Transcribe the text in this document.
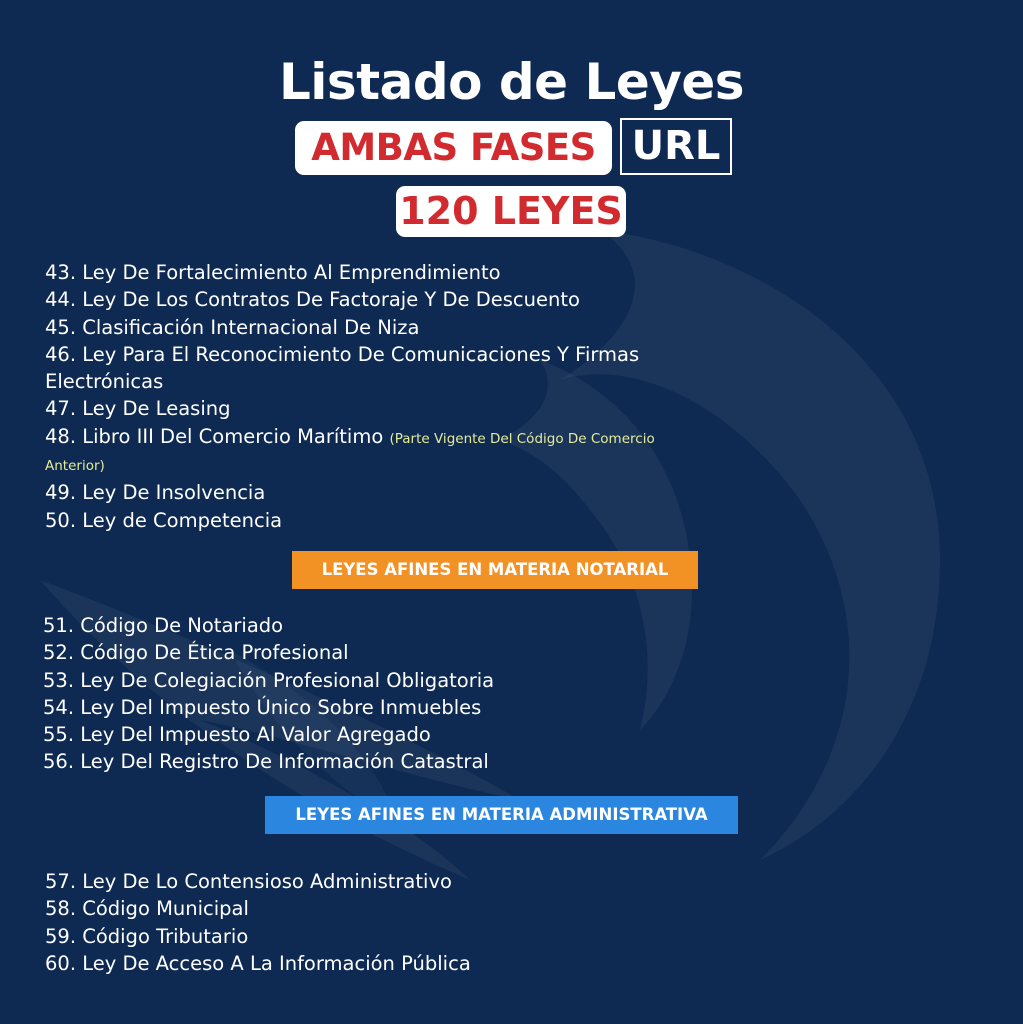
Listado de Leyes
AMBAS FASES URL
120 LEYES
43. Ley De Fortalecimiento Al Emprendimiento
44. Ley De Los Contratos De Factoraje Y De Descuento
45. Clasificación Internacional De Niza
46. Ley Para El Reconocimiento De Comunicaciones Y Firmas Electrónicas
47. Ley De Leasing
48. Libro III Del Comercio Marítimo (Parte Vigente Del Código De Comercio Anterior)
49. Ley De Insolvencia
50. Ley de Competencia
LEYES AFINES EN MATERIA NOTARIAL
51. Código De Notariado
52. Código De Ética Profesional
53. Ley De Colegiación Profesional Obligatoria
54. Ley Del Impuesto Único Sobre Inmuebles
55. Ley Del Impuesto Al Valor Agregado
56. Ley Del Registro De Información Catastral
LEYES AFINES EN MATERIA ADMINISTRATIVA
57. Ley De Lo Contensioso Administrativo
58. Código Municipal
59. Código Tributario
60. Ley De Acceso A La Información Pública
